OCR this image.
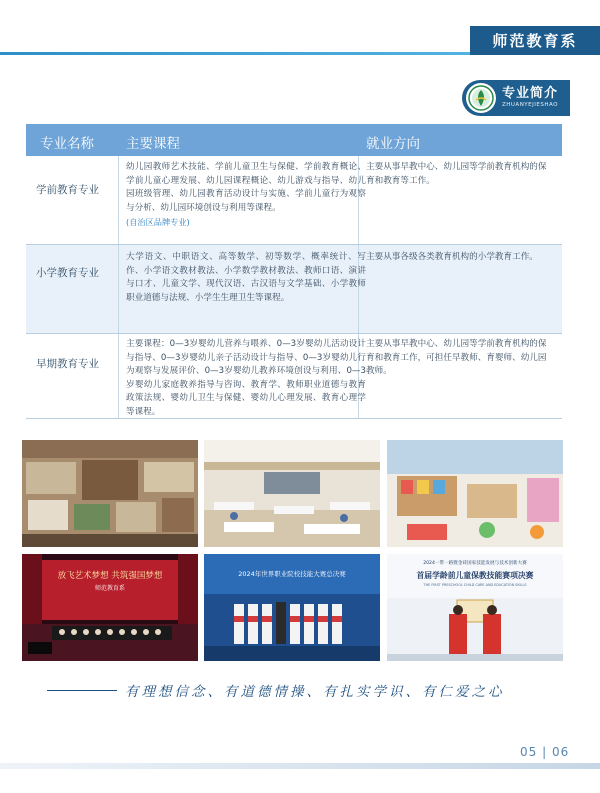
师范教育系
专业简介
ZHUANYEJIESHAO
专业名称 主要课程	就业方向
学前教育专业
幼儿园教师艺术技能、学前儿童卫生与保健、学前教育概论、学前儿童心理发展、幼儿园课程概论、幼儿游戏与指导、幼儿园班级管理、幼儿园教育活动设计与实施、学前儿童行为观察与分析、幼儿园环境创设与利用等课程。
(自治区品牌专业)
主要从事早教中心、幼儿园等学前教育机构的保育和教育等工作。
小学教育专业
大学语文、中职语文、高等数学、初等数学、概率统计、写作、小学语文教材教法、小学数学教材教法、教师口语、演讲与口才、儿童文学、现代汉语、古汉语与文学基础、小学教师职业道德与法规、小学生生理卫生等课程。
主要从事各级各类教育机构的小学教育工作。
早期教育专业
主要课程：0—3岁婴幼儿营养与喂养、0—3岁婴幼儿活动设计与指导、0—3岁婴幼儿亲子活动设计与指导、0—3岁婴幼儿行为观察与发展评价、0—3岁婴幼儿教养环境创设与利用、0—3岁婴幼儿家庭教养指导与咨询、教育学、教师职业道德与教育政策法规、婴幼儿卫生与保健、婴幼儿心理发展、教育心理学等课程。
主要从事早教中心、幼儿园等学前教育机构的保育和教育工作，可担任早教师、育婴师、幼儿园教师。
放飞艺术梦想 共筑强国梦想
师范教育系
2024年世界职业院校技能大赛总决赛
2024一带一路暨金砖国家技能发展与技术创新大赛
首届学龄前儿童保教技能赛项决赛
THE FIRST PRESCHOOL CHILD CARE AND EDUCATION SKILLS
有理想信念、有道德情操、有扎实学识、有仁爱之心
05 | 06
